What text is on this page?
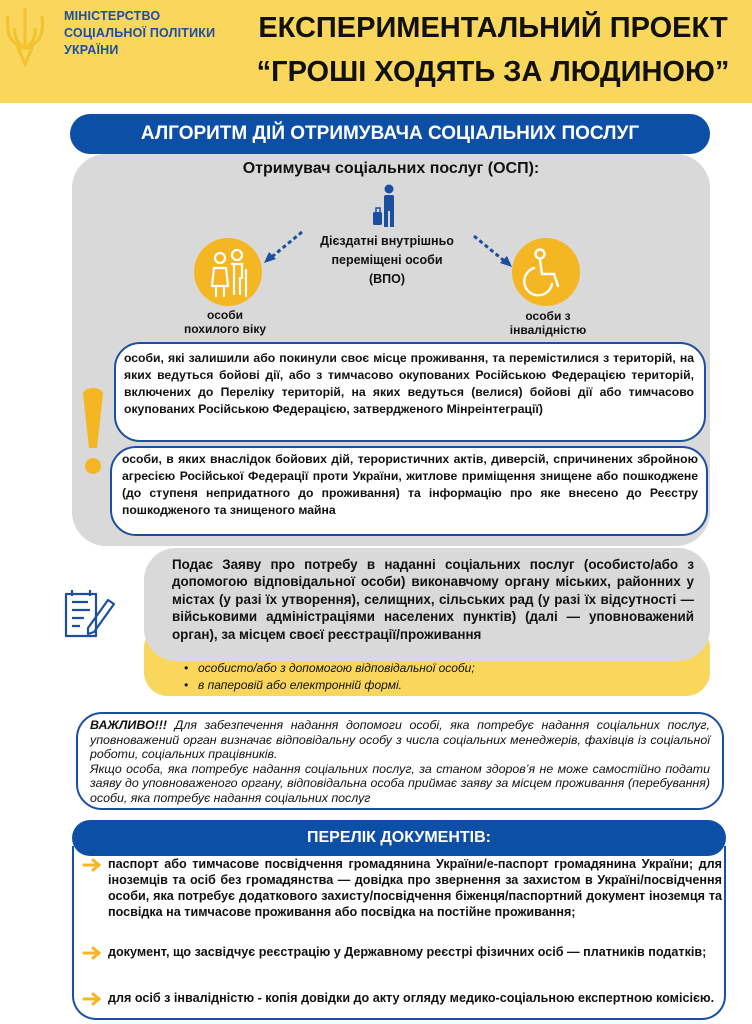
МІНІСТЕРСТВО
СОЦІАЛЬНОЇ ПОЛІТИКИ
УКРАЇНИ
ЕКСПЕРИМЕНТАЛЬНИЙ ПРОЕКТ
“ГРОШІ ХОДЯТЬ ЗА ЛЮДИНОЮ”
АЛГОРИТМ ДІЙ ОТРИМУВАЧА СОЦІАЛЬНИХ ПОСЛУГ
Отримувач соціальних послуг (ОСП):
Дієздатні внутрішньо
переміщені особи
(ВПО)
особи
похилого віку
особи з
інвалідністю
особи, які залишили або покинули своє місце проживання, та перемістилися з територій, на яких ведуться бойові дії, або з тимчасово окупованих Російською Федерацією територій, включених до Переліку територій, на яких ведуться (велися) бойові дії або тимчасово окупованих Російською Федерацією, затвердженого Мінреінтеграції)
особи, в яких внаслідок бойових дій, терористичних актів, диверсій, спричинених збройною агресією Російської Федерації проти України, житлове приміщення знищене або пошкоджене (до ступеня непридатного до проживання) та інформацію про яке внесено до Реєстру пошкодженого та знищеного майна
Подає Заяву про потребу в наданні соціальних послуг (особисто/або з допомогою відповідальної особи) виконавчому органу міських, районних у містах (у разі їх утворення), селищних, сільських рад (у разі їх відсутності — військовими адміністраціями населених пунктів) (далі — уповноважений орган), за місцем своєї реєстрації/проживання
• особисто/або з допомогою відповідальної особи;
• в паперовій або електронній формі.
ВАЖЛИВО!!! Для забезпечення надання допомоги особі, яка потребує надання соціальних послуг, уповноважений орган визначає відповідальну особу з числа соціальних менеджерів, фахівців із соціальної роботи, соціальних працівників.
Якщо особа, яка потребує надання соціальних послуг, за станом здоров’я не може самостійно подати заяву до уповноваженого органу, відповідальна особа приймає заяву за місцем проживання (перебування) особи, яка потребує надання соціальних послуг
ПЕРЕЛІК ДОКУМЕНТІВ:
паспорт або тимчасове посвідчення громадянина України/е-паспорт громадянина України; для іноземців та осіб без громадянства — довідка про звернення за захистом в Україні/посвідчення особи, яка потребує додаткового захисту/посвідчення біженця/паспортний документ іноземця та посвідка на тимчасове проживання або посвідка на постійне проживання;
документ, що засвідчує реєстрацію у Державному реєстрі фізичних осіб — платників податків;
для осіб з інвалідністю - копія довідки до акту огляду медико-соціальною експертною комісією.
